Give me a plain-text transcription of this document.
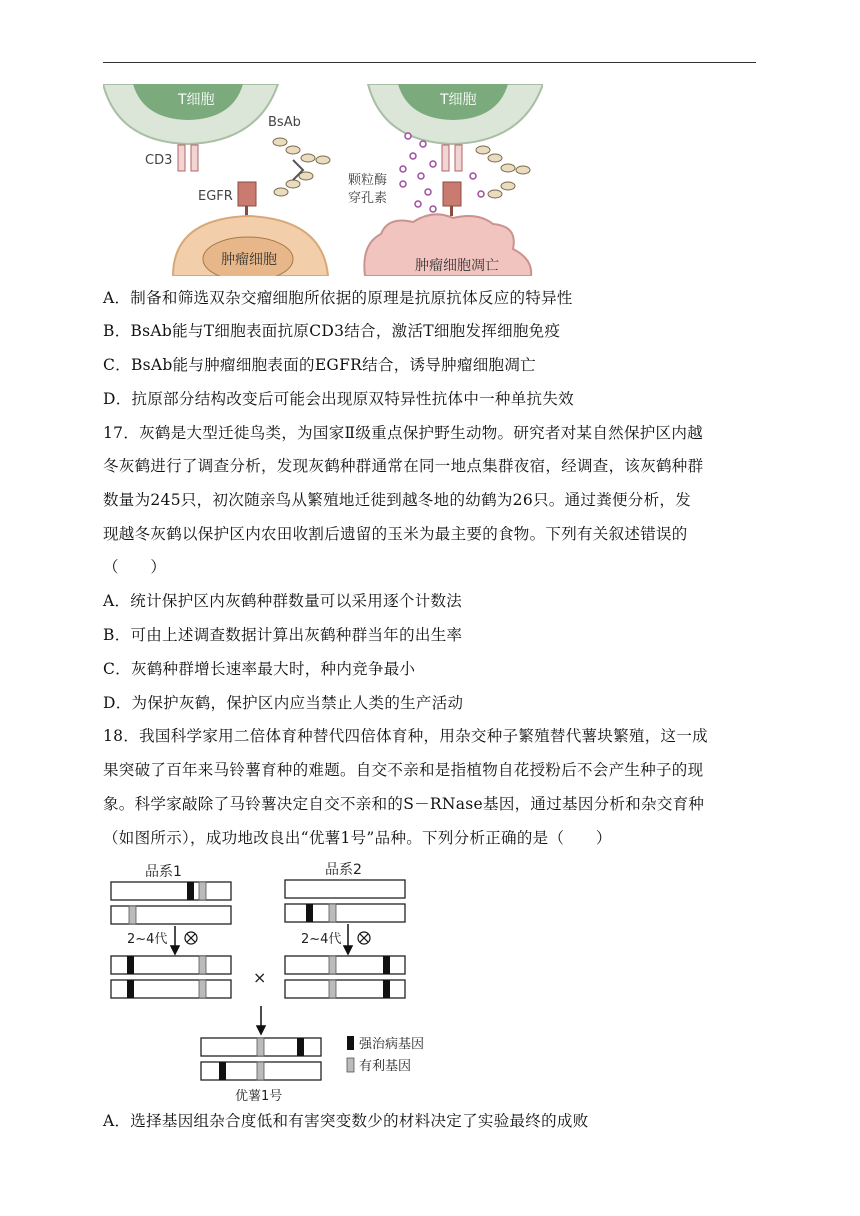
T细胞
CD3
BsAb
EGFR
肿瘤细胞
T细胞
颗粒酶
穿孔素
肿瘤细胞凋亡
A．制备和筛选双杂交瘤细胞所依据的原理是抗原抗体反应的特异性
B．BsAb能与T细胞表面抗原CD3结合，激活T细胞发挥细胞免疫
C．BsAb能与肿瘤细胞表面的EGFR结合，诱导肿瘤细胞凋亡
D．抗原部分结构改变后可能会出现原双特异性抗体中一种单抗失效
17．灰鹤是大型迁徙鸟类，为国家Ⅱ级重点保护野生动物。研究者对某自然保护区内越
冬灰鹤进行了调查分析，发现灰鹤种群通常在同一地点集群夜宿，经调查，该灰鹤种群
数量为245只，初次随亲鸟从繁殖地迁徙到越冬地的幼鹤为26只。通过粪便分析，发
现越冬灰鹤以保护区内农田收割后遗留的玉米为最主要的食物。下列有关叙述错误的
（　　）
A．统计保护区内灰鹤种群数量可以采用逐个计数法
B．可由上述调查数据计算出灰鹤种群当年的出生率
C．灰鹤种群增长速率最大时，种内竞争最小
D．为保护灰鹤，保护区内应当禁止人类的生产活动
18．我国科学家用二倍体育种替代四倍体育种，用杂交种子繁殖替代薯块繁殖，这一成
果突破了百年来马铃薯育种的难题。自交不亲和是指植物自花授粉后不会产生种子的现
象。科学家敲除了马铃薯决定自交不亲和的S－RNase基因，通过基因分析和杂交育种
（如图所示），成功地改良出“优薯1号”品种。下列分析正确的是（　　）
品系1	品系2
2~4代	2~4代
×
强治病基因
有利基因
优薯1号
A．选择基因组杂合度低和有害突变数少的材料决定了实验最终的成败
